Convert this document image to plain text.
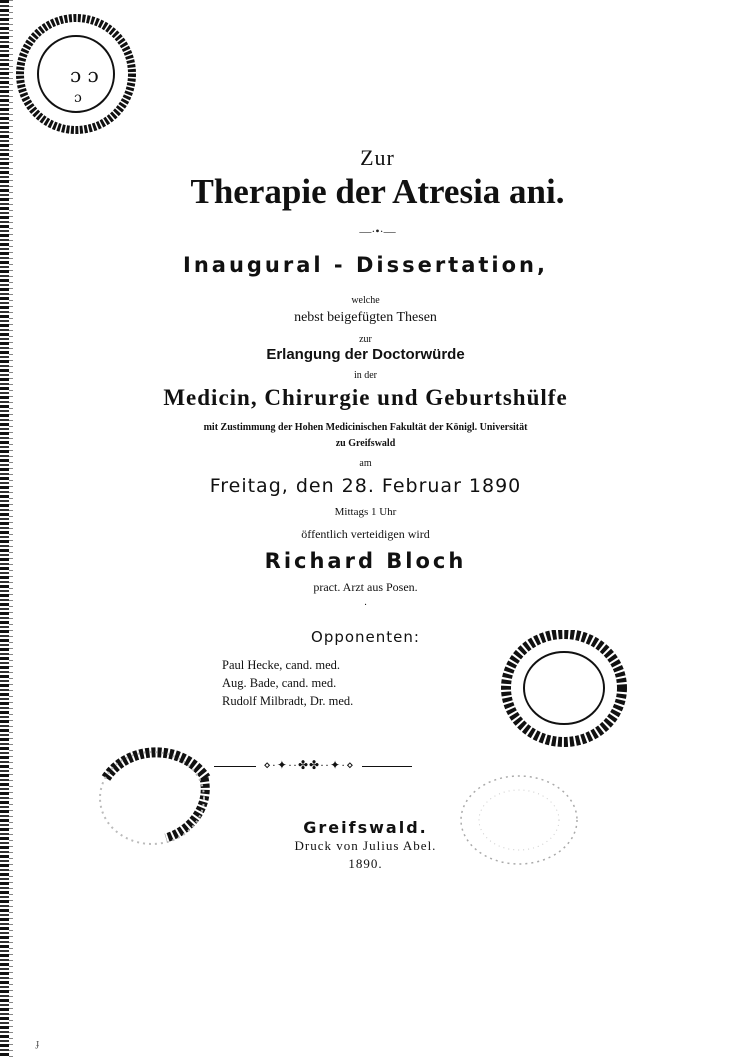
ɔ ɔ
ɔ
Zur
Therapie der Atresia ani.
—·•·—
Inaugural - Dissertation,
welche
nebst beigefügten Thesen
zur
Erlangung der Doctorwürde
in der
Medicin, Chirurgie und Geburtshülfe
mit Zustimmung der Hohen Medicinischen Fakultät der Königl. Universität
zu Greifswald
am
Freitag, den 28. Februar 1890
Mittags 1 Uhr
öffentlich verteidigen wird
Richard Bloch
pract. Arzt aus Posen.
·
Opponenten:
Paul Hecke, cand. med.
Aug. Bade, cand. med.
Rudolf Milbradt, Dr. med.
⋄·✦··✤✤··✦·⋄
Greifswald.
Druck von Julius Abel.
1890.
ɟ
